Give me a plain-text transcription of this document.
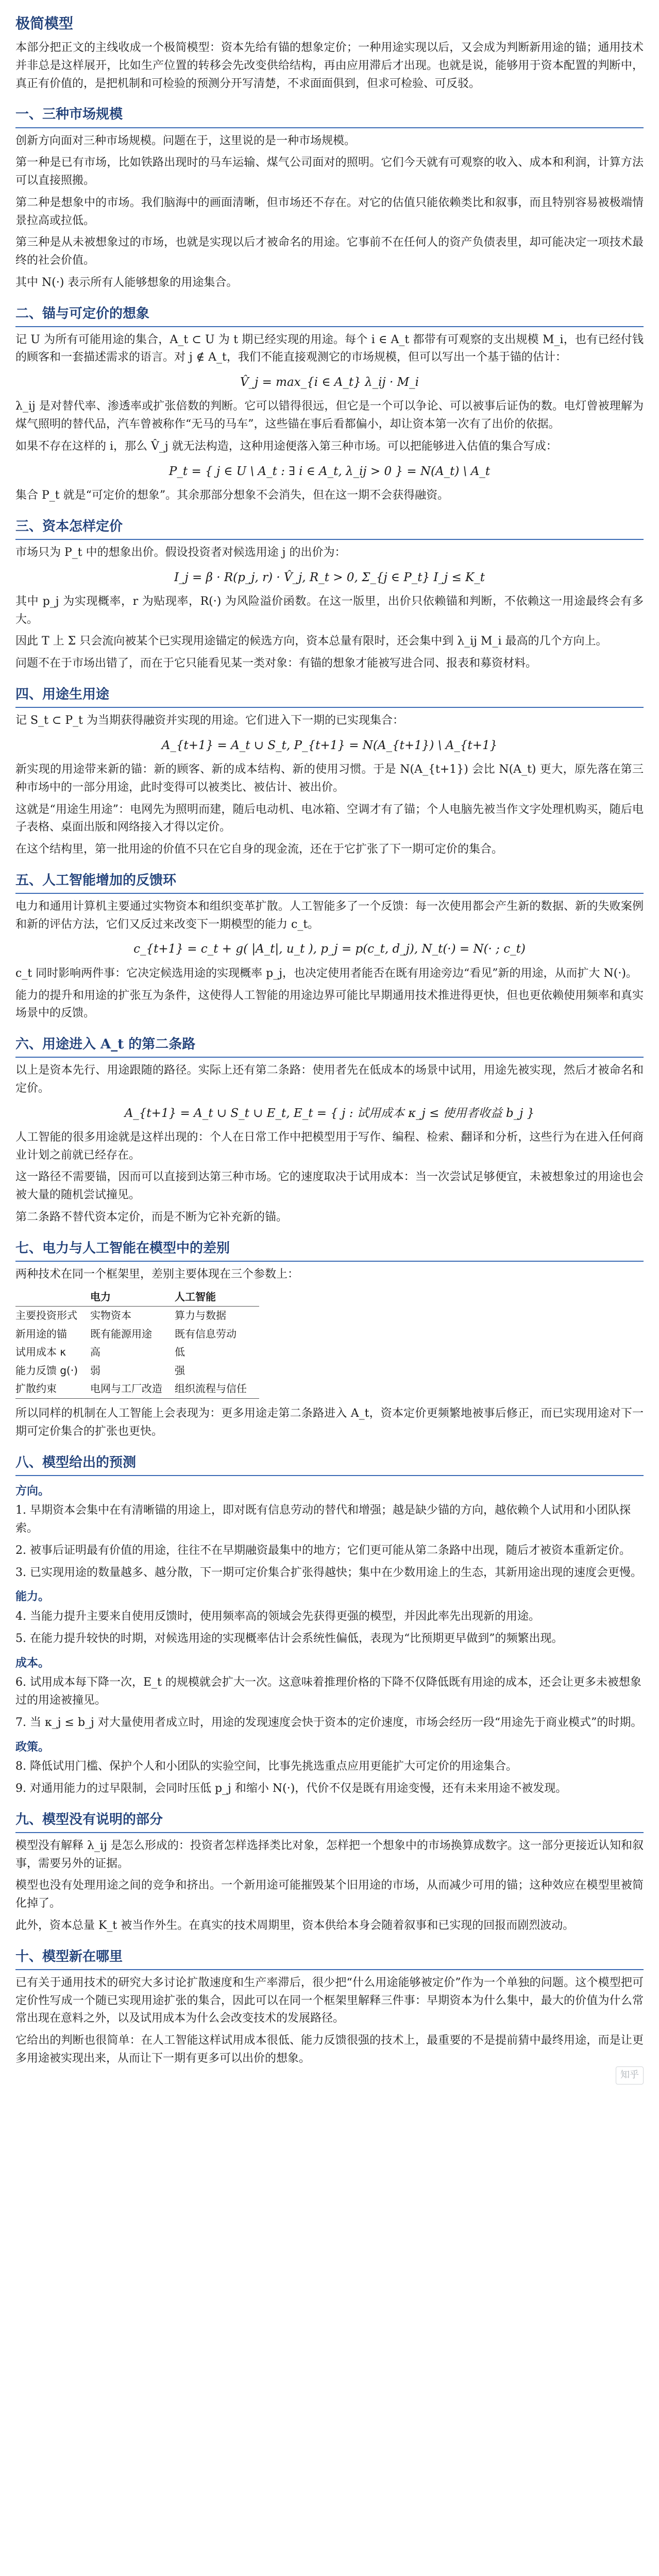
极简模型
本部分把正文的主线收成一个极简模型：资本先给有锚的想象定价；一种用途实现以后，又会成为判断新用途的锚；通用技术并非总是这样展开，比如生产位置的转移会先改变供给结构，再由应用滞后才出现。也就是说，能够用于资本配置的判断中，真正有价值的，是把机制和可检验的预测分开写清楚，不求面面俱到，但求可检验、可反驳。
一、三种市场规模
创新方向面对三种市场规模。问题在于，这里说的是一种市场规模。
第一种是已有市场，比如铁路出现时的马车运输、煤气公司面对的照明。它们今天就有可观察的收入、成本和利润，计算方法可以直接照搬。
第二种是想象中的市场。我们脑海中的画面清晰，但市场还不存在。对它的估值只能依赖类比和叙事，而且特别容易被极端情景拉高或拉低。
第三种是从未被想象过的市场，也就是实现以后才被命名的用途。它事前不在任何人的资产负债表里，却可能决定一项技术最终的社会价值。
其中 N(·) 表示所有人能够想象的用途集合。
二、锚与可定价的想象
记 U 为所有可能用途的集合，A_t ⊂ U 为 t 期已经实现的用途。每个 i ∈ A_t 都带有可观察的支出规模 M_i，也有已经付钱的顾客和一套描述需求的语言。对 j ∉ A_t，我们不能直接观测它的市场规模，但可以写出一个基于锚的估计：
V̂_j = max_{i ∈ A_t} λ_ij · M_i
λ_ij 是对替代率、渗透率或扩张倍数的判断。它可以错得很远，但它是一个可以争论、可以被事后证伪的数。电灯曾被理解为煤气照明的替代品，汽车曾被称作“无马的马车”，这些锚在事后看都偏小，却让资本第一次有了出价的依据。
如果不存在这样的 i，那么 V̂_j 就无法构造，这种用途便落入第三种市场。可以把能够进入估值的集合写成：
P_t = { j ∈ U \ A_t : ∃ i ∈ A_t, λ_ij > 0 } = N(A_t) \ A_t
集合 P_t 就是“可定价的想象”。其余那部分想象不会消失，但在这一期不会获得融资。
三、资本怎样定价
市场只为 P_t 中的想象出价。假设投资者对候选用途 j 的出价为：
I_j = β · R(p_j, r) · V̂_j, R_t > 0, Σ_{j ∈ P_t} I_j ≤ K_t
其中 p_j 为实现概率，r 为贴现率，R(·) 为风险溢价函数。在这一版里，出价只依赖锚和判断，不依赖这一用途最终会有多大。
因此 T 上 Σ 只会流向被某个已实现用途锚定的候选方向，资本总量有限时，还会集中到 λ_ij M_i 最高的几个方向上。
问题不在于市场出错了，而在于它只能看见某一类对象：有锚的想象才能被写进合同、报表和募资材料。
四、用途生用途
记 S_t ⊂ P_t 为当期获得融资并实现的用途。它们进入下一期的已实现集合：
A_{t+1} = A_t ∪ S_t, P_{t+1} = N(A_{t+1}) \ A_{t+1}
新实现的用途带来新的锚：新的顾客、新的成本结构、新的使用习惯。于是 N(A_{t+1}) 会比 N(A_t) 更大，原先落在第三种市场中的一部分用途，此时变得可以被类比、被估计、被出价。
这就是“用途生用途”：电网先为照明而建，随后电动机、电冰箱、空调才有了锚；个人电脑先被当作文字处理机购买，随后电子表格、桌面出版和网络接入才得以定价。
在这个结构里，第一批用途的价值不只在它自身的现金流，还在于它扩张了下一期可定价的集合。
五、人工智能增加的反馈环
电力和通用计算机主要通过实物资本和组织变革扩散。人工智能多了一个反馈：每一次使用都会产生新的数据、新的失败案例和新的评估方法，它们又反过来改变下一期模型的能力 c_t。
c_{t+1} = c_t + g( |A_t|, u_t ), p_j = p(c_t, d_j), N_t(·) = N(· ; c_t)
c_t 同时影响两件事：它决定候选用途的实现概率 p_j，也决定使用者能否在既有用途旁边“看见”新的用途，从而扩大 N(·)。
能力的提升和用途的扩张互为条件，这使得人工智能的用途边界可能比早期通用技术推进得更快，但也更依赖使用频率和真实场景中的反馈。
六、用途进入 A_t 的第二条路
以上是资本先行、用途跟随的路径。实际上还有第二条路：使用者先在低成本的场景中试用，用途先被实现，然后才被命名和定价。
A_{t+1} = A_t ∪ S_t ∪ E_t, E_t = { j : 试用成本 κ_j ≤ 使用者收益 b_j }
人工智能的很多用途就是这样出现的：个人在日常工作中把模型用于写作、编程、检索、翻译和分析，这些行为在进入任何商业计划之前就已经存在。
这一路径不需要锚，因而可以直接到达第三种市场。它的速度取决于试用成本：当一次尝试足够便宜，未被想象过的用途也会被大量的随机尝试撞见。
第二条路不替代资本定价，而是不断为它补充新的锚。
七、电力与人工智能在模型中的差别
两种技术在同一个框架里，差别主要体现在三个参数上：
	电力	人工智能
主要投资形式	实物资本	算力与数据
新用途的锚	既有能源用途	既有信息劳动
试用成本 κ	高	低
能力反馈 g(·)	弱	强
扩散约束	电网与工厂改造	组织流程与信任
所以同样的机制在人工智能上会表现为：更多用途走第二条路进入 A_t，资本定价更频繁地被事后修正，而已实现用途对下一期可定价集合的扩张也更快。
八、模型给出的预测
方向。
1. 早期资本会集中在有清晰锚的用途上，即对既有信息劳动的替代和增强；越是缺少锚的方向，越依赖个人试用和小团队探索。
2. 被事后证明最有价值的用途，往往不在早期融资最集中的地方；它们更可能从第二条路中出现，随后才被资本重新定价。
3. 已实现用途的数量越多、越分散，下一期可定价集合扩张得越快；集中在少数用途上的生态，其新用途出现的速度会更慢。
能力。
4. 当能力提升主要来自使用反馈时，使用频率高的领域会先获得更强的模型，并因此率先出现新的用途。
5. 在能力提升较快的时期，对候选用途的实现概率估计会系统性偏低，表现为“比预期更早做到”的频繁出现。
成本。
6. 试用成本每下降一次，E_t 的规模就会扩大一次。这意味着推理价格的下降不仅降低既有用途的成本，还会让更多未被想象过的用途被撞见。
7. 当 κ_j ≤ b_j 对大量使用者成立时，用途的发现速度会快于资本的定价速度，市场会经历一段“用途先于商业模式”的时期。
政策。
8. 降低试用门槛、保护个人和小团队的实验空间，比事先挑选重点应用更能扩大可定价的用途集合。
9. 对通用能力的过早限制，会同时压低 p_j 和缩小 N(·)，代价不仅是既有用途变慢，还有未来用途不被发现。
九、模型没有说明的部分
模型没有解释 λ_ij 是怎么形成的：投资者怎样选择类比对象，怎样把一个想象中的市场换算成数字。这一部分更接近认知和叙事，需要另外的证据。
模型也没有处理用途之间的竞争和挤出。一个新用途可能摧毁某个旧用途的市场，从而减少可用的锚；这种效应在模型里被简化掉了。
此外，资本总量 K_t 被当作外生。在真实的技术周期里，资本供给本身会随着叙事和已实现的回报而剧烈波动。
十、模型新在哪里
已有关于通用技术的研究大多讨论扩散速度和生产率滞后，很少把“什么用途能够被定价”作为一个单独的问题。这个模型把可定价性写成一个随已实现用途扩张的集合，因此可以在同一个框架里解释三件事：早期资本为什么集中，最大的价值为什么常常出现在意料之外，以及试用成本为什么会改变技术的发展路径。
它给出的判断也很简单：在人工智能这样试用成本很低、能力反馈很强的技术上，最重要的不是提前猜中最终用途，而是让更多用途被实现出来，从而让下一期有更多可以出价的想象。
知乎
